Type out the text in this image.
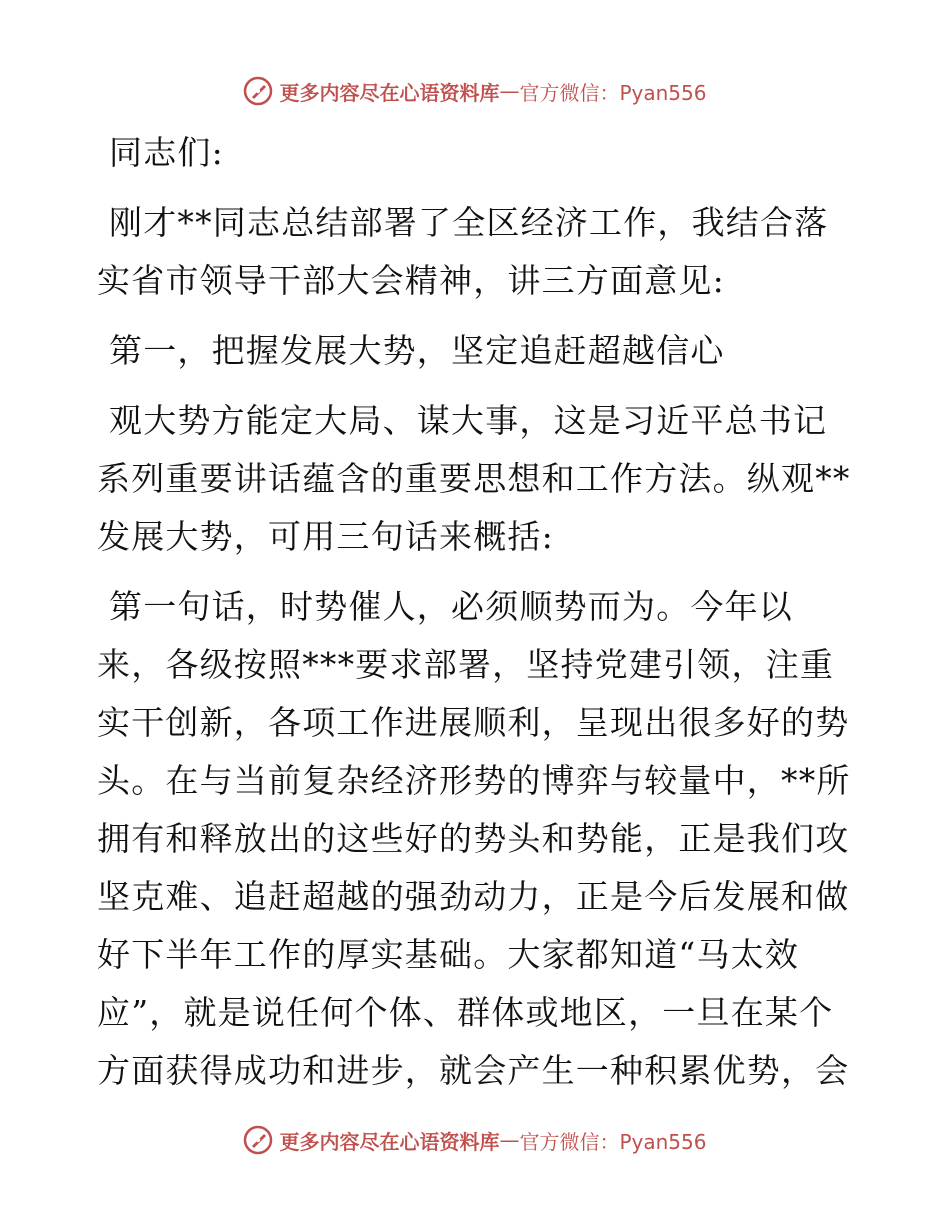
更多内容尽在心语资料库 — 官方微信：Pyan556
同志们:
刚才**同志总结部署了全区经济工作，我结合落实省市领导干部大会精神，讲三方面意见:
第一，把握发展大势，坚定追赶超越信心
观大势方能定大局、谋大事，这是习近平总书记系列重要讲话蕴含的重要思想和工作方法。纵观**发展大势，可用三句话来概括:
第一句话，时势催人，必须顺势而为。今年以来，各级按照***要求部署，坚持党建引领，注重实干创新，各项工作进展顺利，呈现出很多好的势头。在与当前复杂经济形势的博弈与较量中，**所拥有和释放出的这些好的势头和势能，正是我们攻坚克难、追赶超越的强劲动力，正是今后发展和做好下半年工作的厚实基础。大家都知道“马太效应”，就是说任何个体、群体或地区，一旦在某个方面获得成功和进步，就会产生一种积累优势，会
更多内容尽在心语资料库 — 官方微信：Pyan556
